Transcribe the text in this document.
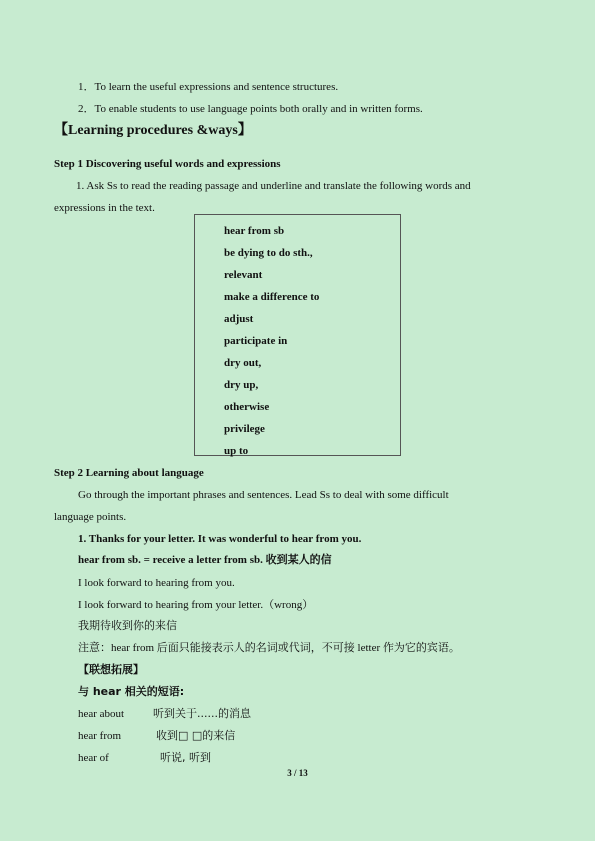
1．To learn the useful expressions and sentence structures.
2．To enable students to use language points both orally and in written forms.
【Learning procedures &ways】
Step 1 Discovering useful words and expressions
1. Ask Ss to read the reading passage and underline and translate the following words and
expressions in the text.
hear from sb
be dying to do sth.,
relevant
make a difference to
adjust
participate in
dry out,
dry up,
otherwise
privilege
up to
Step 2 Learning about language
Go through the important phrases and sentences. Lead Ss to deal with some difficult
language points.
1. Thanks for your letter. It was wonderful to hear from you.
hear from sb. = receive a letter from sb. 收到某人的信
I look forward to hearing from you.
I look forward to hearing from your letter.（wrong）
我期待收到你的来信
注意：hear from 后面只能接表示人的名词或代词，不可接 letter 作为它的宾语。
【联想拓展】
与 hear 相关的短语:
hear about	听到关于......的消息
hear from	收到□ □的来信
hear of	听说, 听到
3 / 13
